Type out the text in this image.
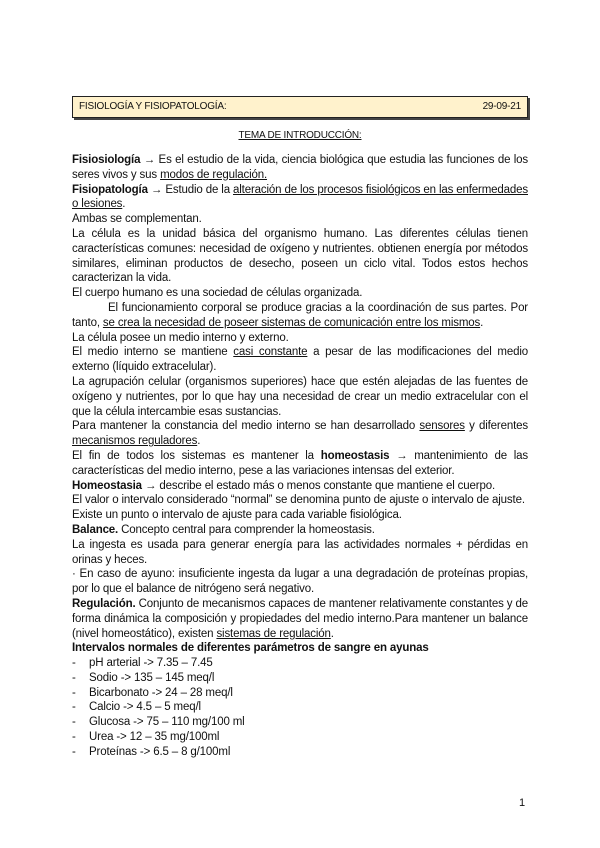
FISIOLOGÍA Y FISIOPATOLOGÍA:	29-09-21
TEMA DE INTRODUCCIÓN:

Fisiosiología → Es el estudio de la vida, ciencia biológica que estudia las funciones de los seres vivos y sus modos de regulación.

Fisiopatología → Estudio de la alteración de los procesos fisiológicos en las enfermedades o lesiones.

Ambas se complementan.

La célula es la unidad básica del organismo humano. Las diferentes células tienen características comunes: necesidad de oxígeno y nutrientes. obtienen energía por métodos similares, eliminan productos de desecho, poseen un ciclo vital. Todos estos hechos caracterizan la vida.

El cuerpo humano es una sociedad de células organizada.

El funcionamiento corporal se produce gracias a la coordinación de sus partes. Por tanto, se crea la necesidad de poseer sistemas de comunicación entre los mismos.

La célula posee un medio interno y externo.

El medio interno se mantiene casi constante a pesar de las modificaciones del medio externo (líquido extracelular).

La agrupación celular (organismos superiores) hace que estén alejadas de las fuentes de oxígeno y nutrientes, por lo que hay una necesidad de crear un medio extracelular con el que la célula intercambie esas sustancias.

Para mantener la constancia del medio interno se han desarrollado sensores y diferentes mecanismos reguladores.

El fin de todos los sistemas es mantener la homeostasis → mantenimiento de las características del medio interno, pese a las variaciones intensas del exterior.

Homeostasia → describe el estado más o menos constante que mantiene el cuerpo.

El valor o intervalo considerado “normal” se denomina punto de ajuste o intervalo de ajuste.

Existe un punto o intervalo de ajuste para cada variable fisiológica.

Balance. Concepto central para comprender la homeostasis.

La ingesta es usada para generar energía para las actividades normales + pérdidas en orinas y heces.

· En caso de ayuno: insuficiente ingesta da lugar a una degradación de proteínas propias, por lo que el balance de nitrógeno será negativo.

Regulación. Conjunto de mecanismos capaces de mantener relativamente constantes y de forma dinámica la composición y propiedades del medio interno.Para mantener un balance (nivel homeostático), existen sistemas de regulación.

Intervalos normales de diferentes parámetros de sangre en ayunas

- pH arterial -> 7.35 – 7.45
- Sodio -> 135 – 145 meq/l
- Bicarbonato -> 24 – 28 meq/l
- Calcio -> 4.5 – 5 meq/l
- Glucosa -> 75 – 110 mg/100 ml
- Urea -> 12 – 35 mg/100ml
- Proteínas -> 6.5 – 8 g/100ml
1
